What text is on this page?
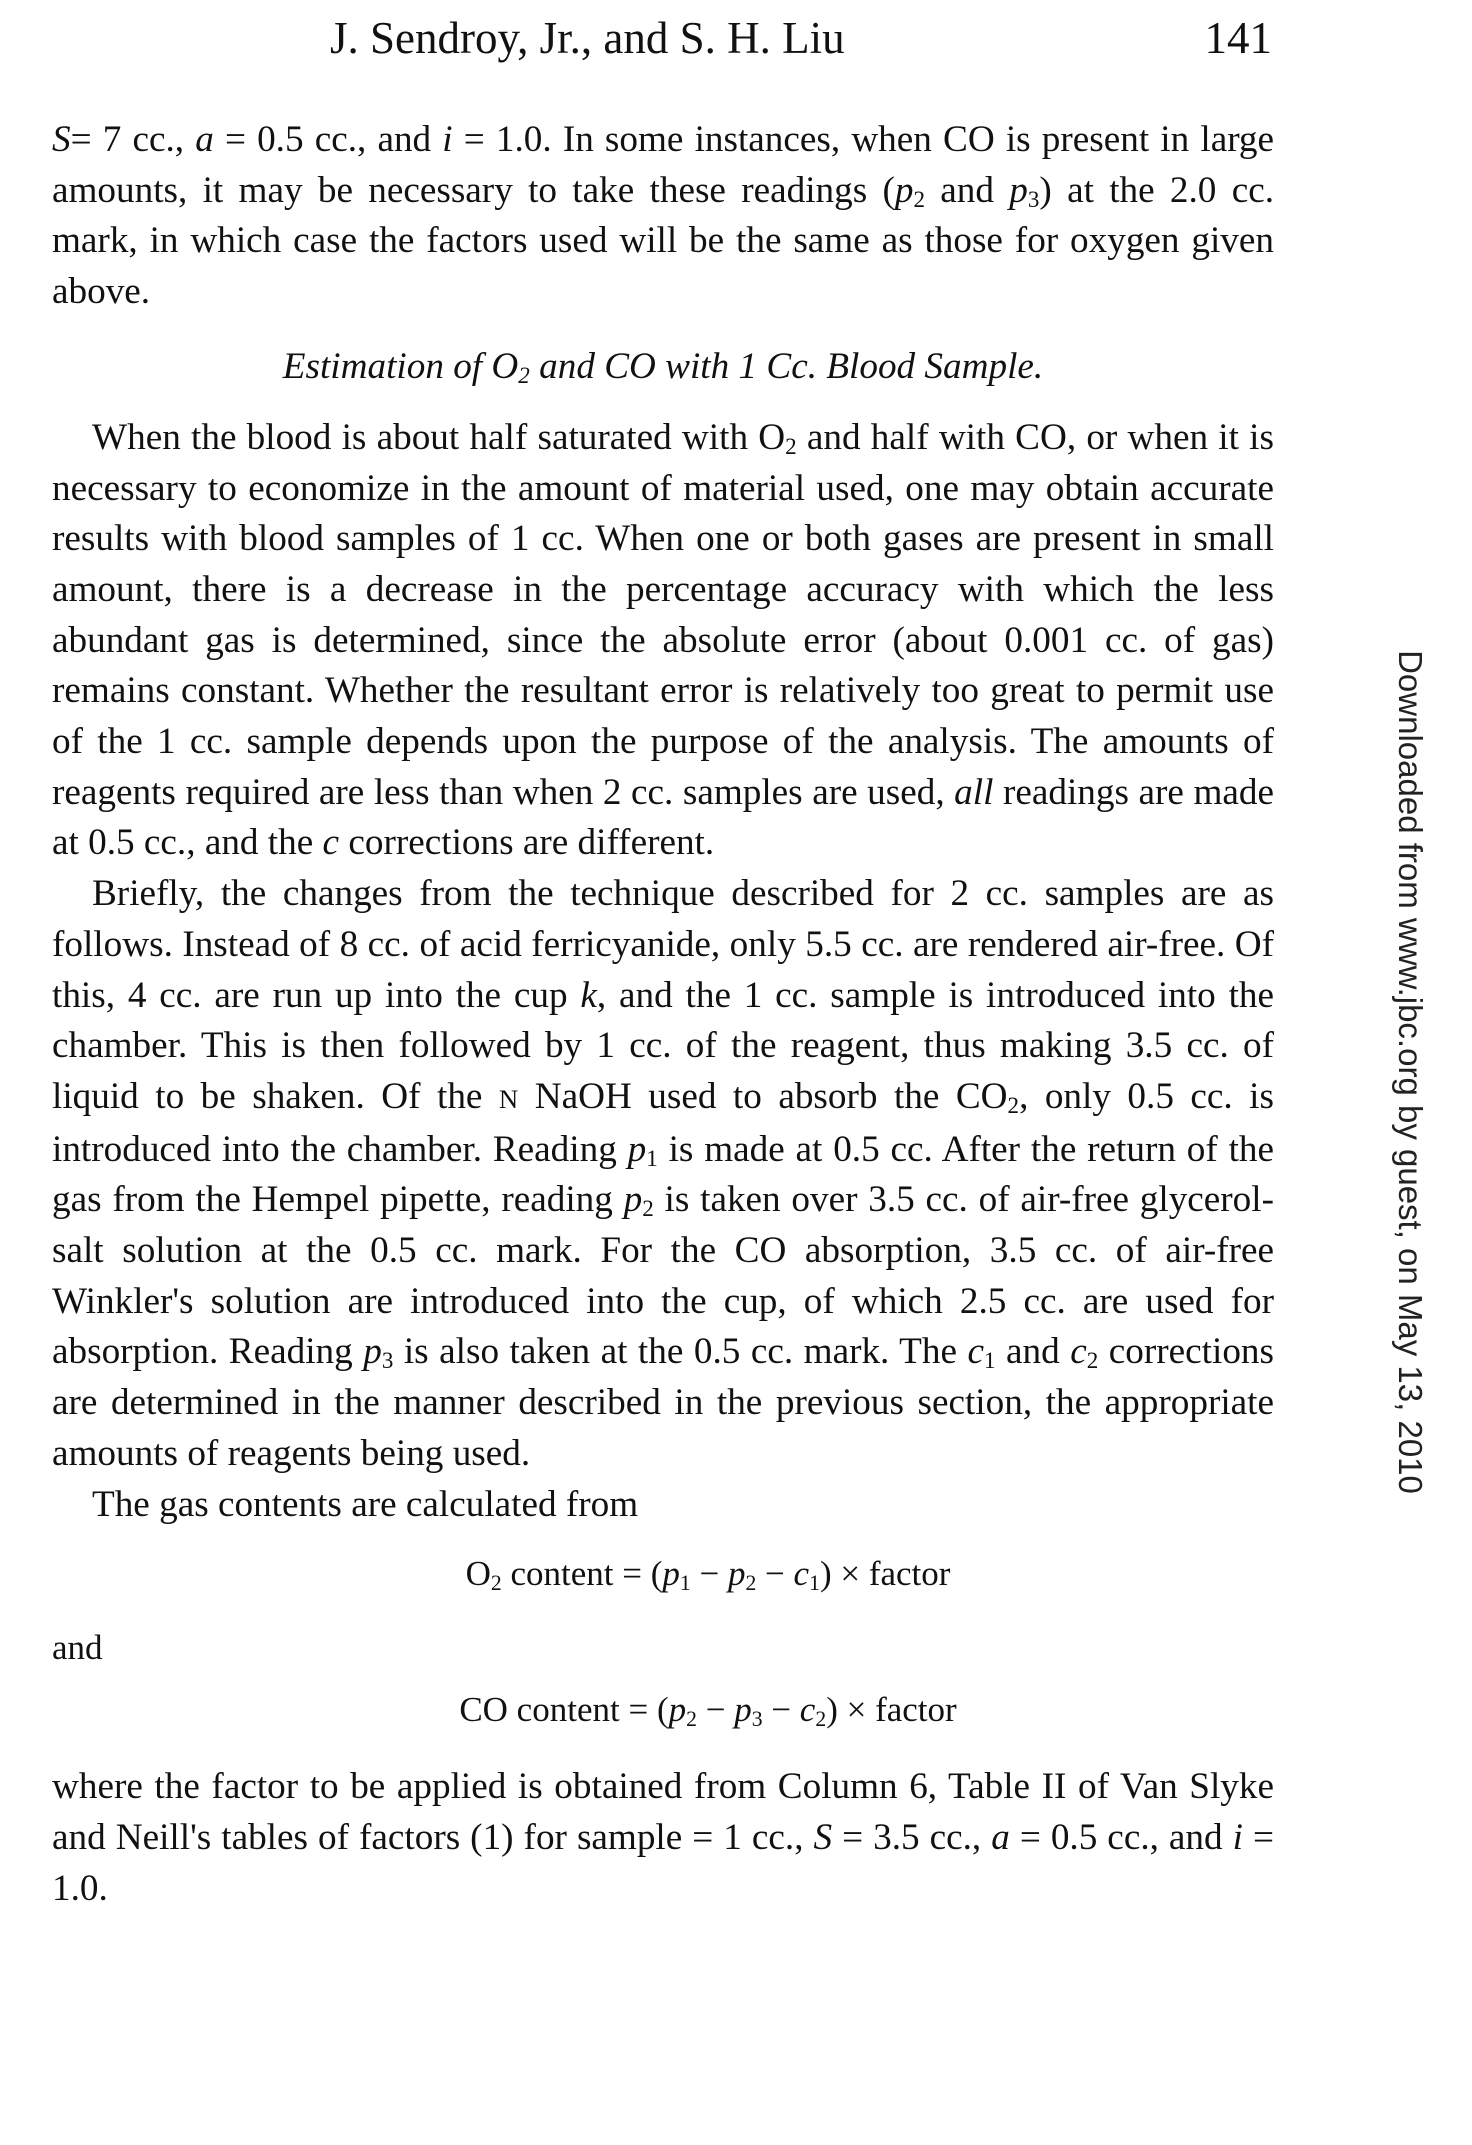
J. Sendroy, Jr., and S. H. Liu	141

S= 7 cc., a = 0.5 cc., and i = 1.0. In some instances, when CO is present in large amounts, it may be necessary to take these readings ($p_2$ and $p_3$) at the 2.0 cc. mark, in which case the factors used will be the same as those for oxygen given above.

Estimation of $O_2$ and CO with 1 Cc. Blood Sample.

When the blood is about half saturated with $O_2$ and half with CO, or when it is necessary to economize in the amount of material used, one may obtain accurate results with blood samples of 1 cc. When one or both gases are present in small amount, there is a decrease in the percentage accuracy with which the less abundant gas is determined, since the absolute error (about 0.001 cc. of gas) remains constant. Whether the resultant error is relatively too great to permit use of the 1 cc. sample depends upon the purpose of the analysis. The amounts of reagents required are less than when 2 cc. samples are used, all readings are made at 0.5 cc., and the c corrections are different.

Briefly, the changes from the technique described for 2 cc. samples are as follows. Instead of 8 cc. of acid ferricyanide, only 5.5 cc. are rendered air-free. Of this, 4 cc. are run up into the cup k, and the 1 cc. sample is introduced into the chamber. This is then followed by 1 cc. of the reagent, thus making 3.5 cc. of liquid to be shaken. Of the N NaOH used to absorb the $CO_2$, only 0.5 cc. is introduced into the chamber. Reading $p_1$ is made at 0.5 cc. After the return of the gas from the Hempel pipette, reading $p_2$ is taken over 3.5 cc. of air-free glycerol-salt solution at the 0.5 cc. mark. For the CO absorption, 3.5 cc. of air-free Winkler's solution are introduced into the cup, of which 2.5 cc. are used for absorption. Reading $p_3$ is also taken at the 0.5 cc. mark. The $c_1$ and $c_2$ corrections are determined in the manner described in the previous section, the appropriate amounts of reagents being used.

The gas contents are calculated from

$O_2$ content = $(p_1 - p_2 - c_1)$ × factor
and
CO content = $(p_2 - p_3 - c_2)$ × factor

where the factor to be applied is obtained from Column 6, Table II of Van Slyke and Neill's tables of factors (1) for sample = 1 cc., S = 3.5 cc., a = 0.5 cc., and i = 1.0.

Downloaded from www.jbc.org by guest, on May 13, 2010
